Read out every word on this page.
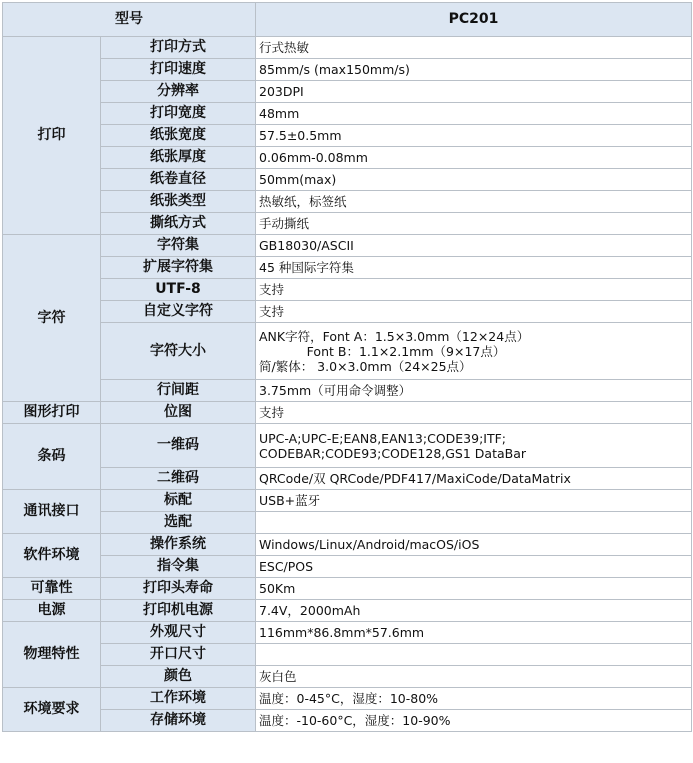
型号		PC201
打印	打印方式	行式热敏
	打印速度	85mm/s (max150mm/s)
	分辨率	203DPI
	打印宽度	48mm
	纸张宽度	57.5±0.5mm
	纸张厚度	0.06mm-0.08mm
	纸卷直径	50mm(max)
	纸张类型	热敏纸，标签纸
	撕纸方式	手动撕纸
字符	字符集	GB18030/ASCII
	扩展字符集	45 种国际字符集
	UTF-8	支持
	自定义字符	支持
	字符大小	ANK字符，Font A：1.5×3.0mm（12×24点）
Font B：1.1×2.1mm（9×17点）
简/繁体： 3.0×3.0mm（24×25点）

	行间距	3.75mm（可用命令调整）
图形打印	位图	支持
条码	一维码	UPC-A;UPC-E;EAN8,EAN13;CODE39;ITF;
CODEBAR;CODE93;CODE128,GS1 DataBar

	二维码	QRCode/双 QRCode/PDF417/MaxiCode/DataMatrix
通讯接口	标配	USB+蓝牙
	选配	
软件环境	操作系统	Windows/Linux/Android/macOS/iOS
	指令集	ESC/POS
可靠性	打印头寿命	50Km
电源	打印机电源	7.4V，2000mAh
物理特性	外观尺寸	116mm*86.8mm*57.6mm
	开口尺寸	
	颜色	灰白色
环境要求	工作环境	温度：0-45°C，湿度：10-80%
	存储环境	温度：-10-60°C，湿度：10-90%
